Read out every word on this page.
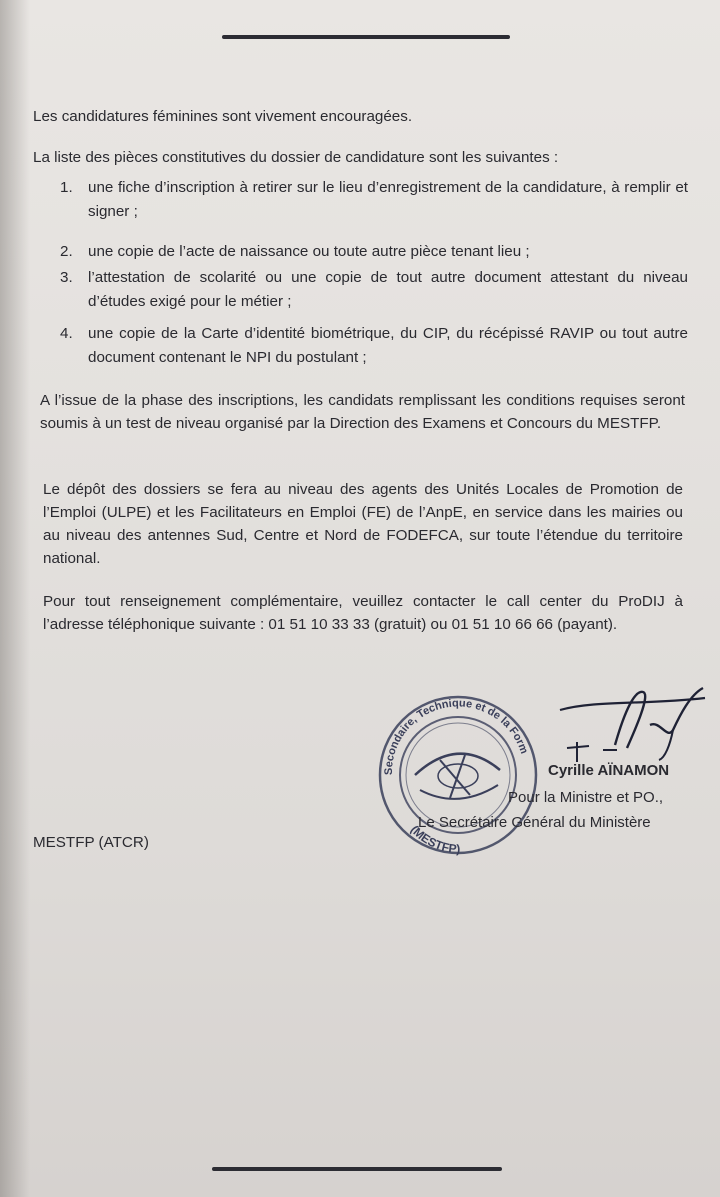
Les candidatures féminines sont vivement encouragées.

La liste des pièces constitutives du dossier de candidature sont les suivantes :

1.	une fiche d’inscription à retirer sur le lieu d’enregistrement de la candidature, à remplir et signer ;
2.	une copie de l’acte de naissance ou toute autre pièce tenant lieu ;
3.	l’attestation de scolarité ou une copie de tout autre document attestant du niveau d’études exigé pour le métier ;
4.	une copie de la Carte d’identité biométrique, du CIP, du récépissé RAVIP ou tout autre document contenant le NPI du postulant ;

A l’issue de la phase des inscriptions, les candidats remplissant les conditions requises seront soumis à un test de niveau organisé par la Direction des Examens et Concours du MESTFP.

Le dépôt des dossiers se fera au niveau des agents des Unités Locales de Promotion de l’Emploi (ULPE) et les Facilitateurs en Emploi (FE) de l’AnpE, en service dans les mairies ou au niveau des antennes Sud, Centre et Nord de FODEFCA, sur toute l’étendue du territoire national.

Pour tout renseignement complémentaire, veuillez contacter le call center du ProDIJ à l’adresse téléphonique suivante : 01 51 10 33 33 (gratuit) ou 01 51 10 66 66 (payant).

Secondaire, Technique et de la Form
(MESTFP)
Cyrille AÏNAMON
Pour la Ministre et PO.,
Le Secrétaire Général du Ministère
MESTFP (ATCR)
